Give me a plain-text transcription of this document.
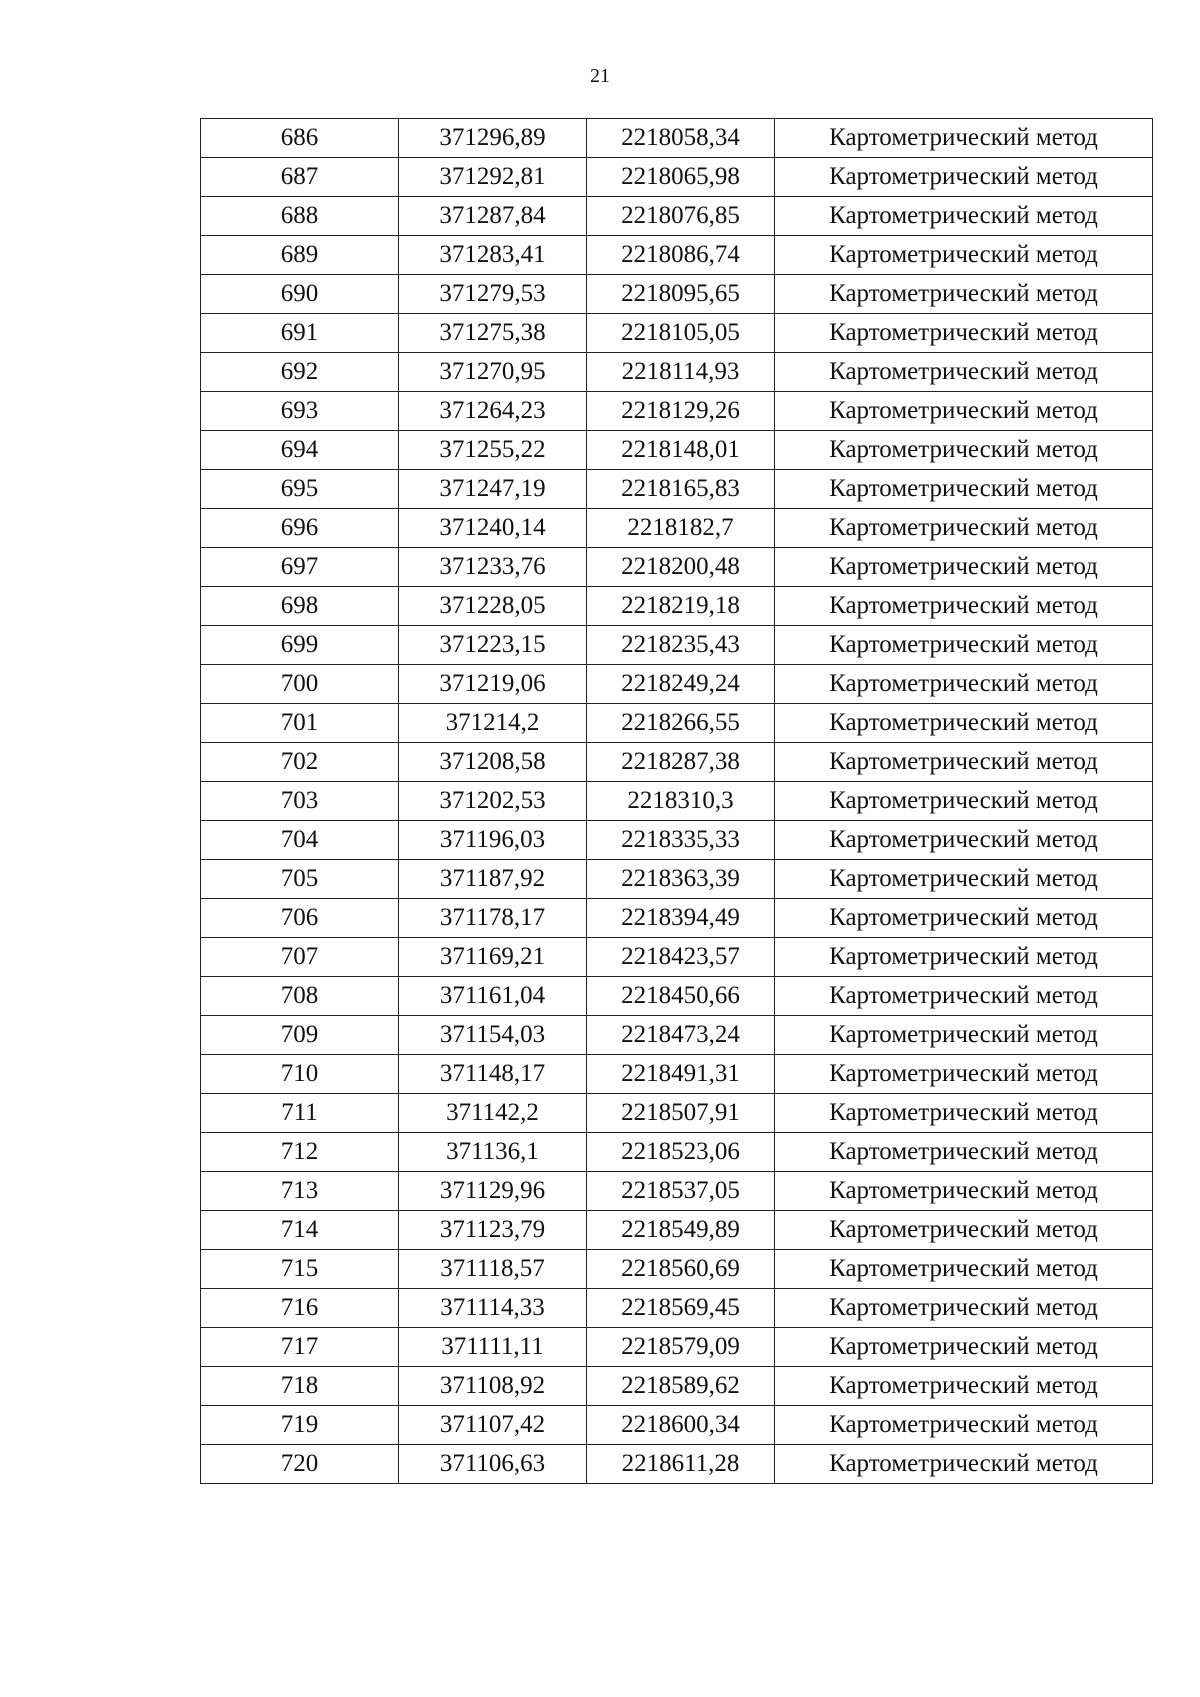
21
686	371296,89	2218058,34	Картометрический метод
687	371292,81	2218065,98	Картометрический метод
688	371287,84	2218076,85	Картометрический метод
689	371283,41	2218086,74	Картометрический метод
690	371279,53	2218095,65	Картометрический метод
691	371275,38	2218105,05	Картометрический метод
692	371270,95	2218114,93	Картометрический метод
693	371264,23	2218129,26	Картометрический метод
694	371255,22	2218148,01	Картометрический метод
695	371247,19	2218165,83	Картометрический метод
696	371240,14	2218182,7	Картометрический метод
697	371233,76	2218200,48	Картометрический метод
698	371228,05	2218219,18	Картометрический метод
699	371223,15	2218235,43	Картометрический метод
700	371219,06	2218249,24	Картометрический метод
701	371214,2	2218266,55	Картометрический метод
702	371208,58	2218287,38	Картометрический метод
703	371202,53	2218310,3	Картометрический метод
704	371196,03	2218335,33	Картометрический метод
705	371187,92	2218363,39	Картометрический метод
706	371178,17	2218394,49	Картометрический метод
707	371169,21	2218423,57	Картометрический метод
708	371161,04	2218450,66	Картометрический метод
709	371154,03	2218473,24	Картометрический метод
710	371148,17	2218491,31	Картометрический метод
711	371142,2	2218507,91	Картометрический метод
712	371136,1	2218523,06	Картометрический метод
713	371129,96	2218537,05	Картометрический метод
714	371123,79	2218549,89	Картометрический метод
715	371118,57	2218560,69	Картометрический метод
716	371114,33	2218569,45	Картометрический метод
717	371111,11	2218579,09	Картометрический метод
718	371108,92	2218589,62	Картометрический метод
719	371107,42	2218600,34	Картометрический метод
720	371106,63	2218611,28	Картометрический метод
